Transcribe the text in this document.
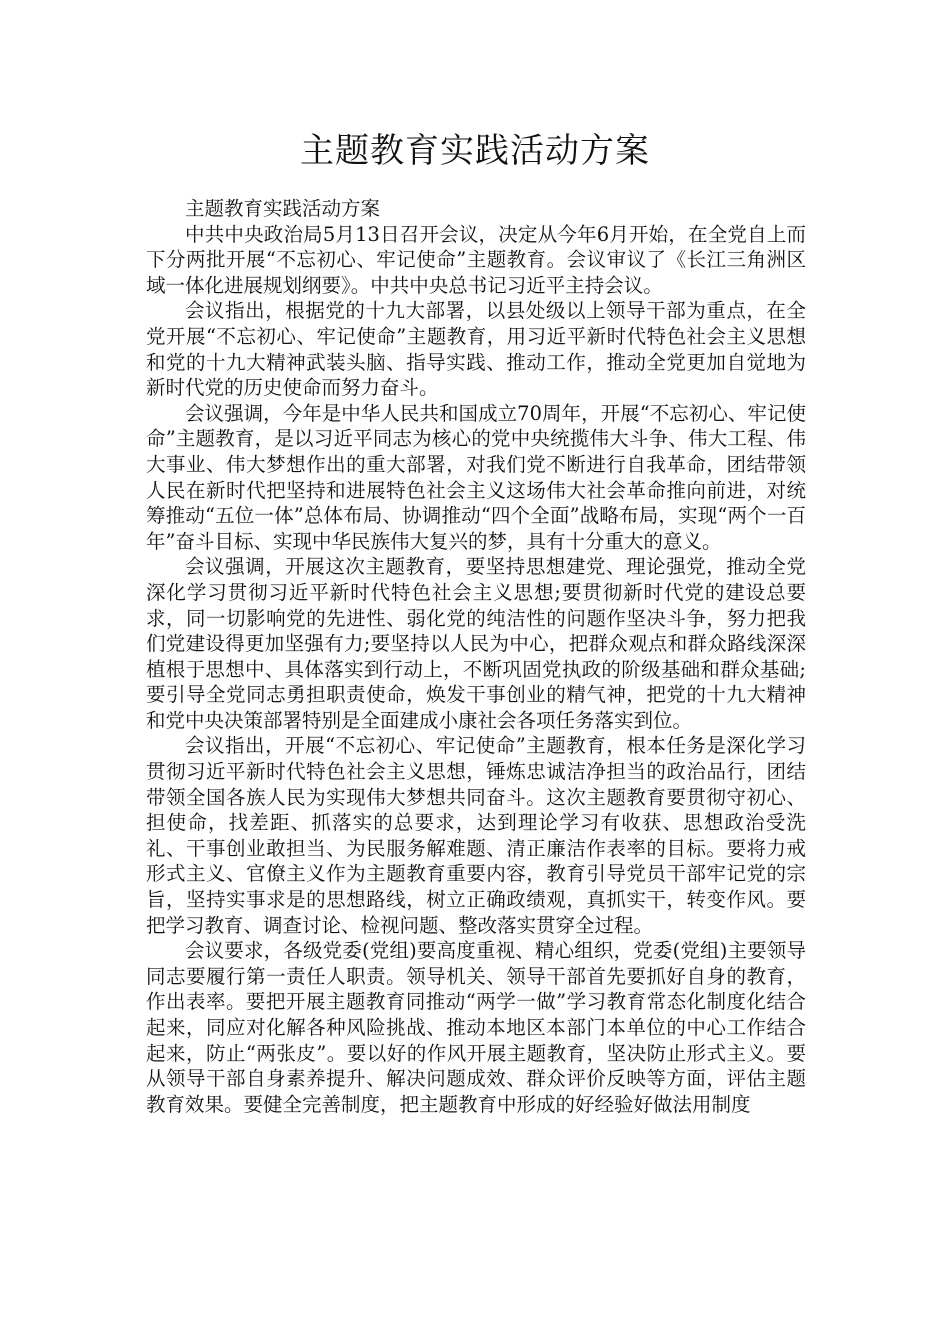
主题教育实践活动方案

主题教育实践活动方案

中共中央政治局5月13日召开会议，决定从今年6月开始，在全党自上而下分两批开展“不忘初心、牢记使命”主题教育。会议审议了《长江三角洲区域一体化进展规划纲要》。中共中央总书记习近平主持会议。

会议指出，根据党的十九大部署，以县处级以上领导干部为重点，在全党开展“不忘初心、牢记使命”主题教育，用习近平新时代特色社会主义思想和党的十九大精神武装头脑、指导实践、推动工作，推动全党更加自觉地为新时代党的历史使命而努力奋斗。

会议强调，今年是中华人民共和国成立70周年，开展“不忘初心、牢记使命”主题教育，是以习近平同志为核心的党中央统揽伟大斗争、伟大工程、伟大事业、伟大梦想作出的重大部署，对我们党不断进行自我革命，团结带领人民在新时代把坚持和进展特色社会主义这场伟大社会革命推向前进，对统筹推动“五位一体”总体布局、协调推动“四个全面”战略布局，实现“两个一百年”奋斗目标、实现中华民族伟大复兴的梦，具有十分重大的意义。

会议强调，开展这次主题教育，要坚持思想建党、理论强党，推动全党深化学习贯彻习近平新时代特色社会主义思想;要贯彻新时代党的建设总要求，同一切影响党的先进性、弱化党的纯洁性的问题作坚决斗争，努力把我们党建设得更加坚强有力;要坚持以人民为中心，把群众观点和群众路线深深植根于思想中、具体落实到行动上，不断巩固党执政的阶级基础和群众基础;要引导全党同志勇担职责使命，焕发干事创业的精气神，把党的十九大精神和党中央决策部署特别是全面建成小康社会各项任务落实到位。

会议指出，开展“不忘初心、牢记使命”主题教育，根本任务是深化学习贯彻习近平新时代特色社会主义思想，锤炼忠诚洁净担当的政治品行，团结带领全国各族人民为实现伟大梦想共同奋斗。这次主题教育要贯彻守初心、担使命，找差距、抓落实的总要求，达到理论学习有收获、思想政治受洗礼、干事创业敢担当、为民服务解难题、清正廉洁作表率的目标。要将力戒形式主义、官僚主义作为主题教育重要内容，教育引导党员干部牢记党的宗旨，坚持实事求是的思想路线，树立正确政绩观，真抓实干，转变作风。要把学习教育、调查讨论、检视问题、整改落实贯穿全过程。

会议要求，各级党委(党组)要高度重视、精心组织，党委(党组)主要领导同志要履行第一责任人职责。领导机关、领导干部首先要抓好自身的教育，作出表率。要把开展主题教育同推动“两学一做”学习教育常态化制度化结合起来，同应对化解各种风险挑战、推动本地区本部门本单位的中心工作结合起来，防止“两张皮”。要以好的作风开展主题教育，坚决防止形式主义。要从领导干部自身素养提升、解决问题成效、群众评价反映等方面，评估主题教育效果。要健全完善制度，把主题教育中形成的好经验好做法用制度
